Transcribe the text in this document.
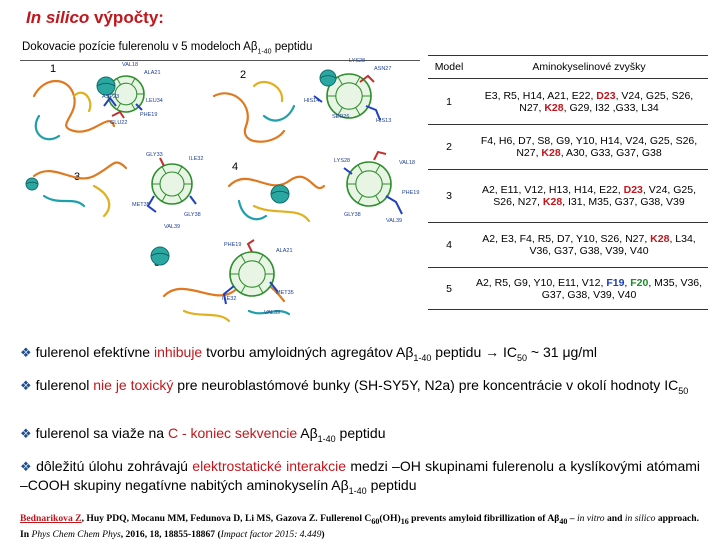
In silico výpočty:
Dokovacie pozície fulerenolu v 5 modeloch $A\beta_{1-40}$ peptidu
1	VAL18
ALA21
ASP23
LEU34
PHE19
GLU22
2
LYS28
ASN27
SER26
HIS13
HIS14
3
GLY33
ILE32
MET35
GLY38
VAL39
4	VAL18
PHE19
LYS28
GLY38
VAL39
PHE19
ALA21
ILE32
MET35
VAL39
Model	Aminokyselinové zvyšky
1	E3, R5, H14, A21, E22, D23, V24, G25, S26, N27, K28, G29, I32 ,G33, L34
2	F4, H6, D7, S8, G9, Y10, H14, V24, G25, S26, N27, K28, A30, G33, G37, G38
3	A2, E11, V12, H13, H14, E22, D23, V24, G25, S26, N27, K28, I31, M35, G37, G38, V39
4	A2, E3, F4, R5, D7, Y10, S26, N27, K28, L34, V36, G37, G38, V39, V40
5	A2, R5, G9, Y10, E11, V12, F19, F20, M35, V36, G37, G38, V39, V40
❖ fulerenol efektívne inhibuje tvorbu amyloidných agregátov $A\beta_{1-40}$ peptidu → $IC_{50}$ ~ 31 μg/ml
❖ fulerenol nie je toxický pre neuroblastómové bunky (SH-SY5Y, N2a) pre koncentrácie v okolí hodnoty $IC_{50}$
❖ fulerenol sa viaže na C - koniec sekvencie $A\beta_{1-40}$ peptidu
❖ dôležitú úlohu zohrávajú elektrostatické interakcie medzi –OH skupinami fulerenolu a kyslíkovými atómami –COOH skupiny negatívne nabitých aminokyselín $A\beta_{1-40}$ peptidu
Bednarikova Z, Huy PDQ, Mocanu MM, Fedunova D, Li MS, Gazova Z. Fullerenol $C_{60}(OH)_{16}$ prevents amyloid fibrillization of $A\beta_{40}$ – in vitro and in silico approach. In Phys Chem Chem Phys, 2016, 18, 18855-18867 (Impact factor 2015: 4.449)
